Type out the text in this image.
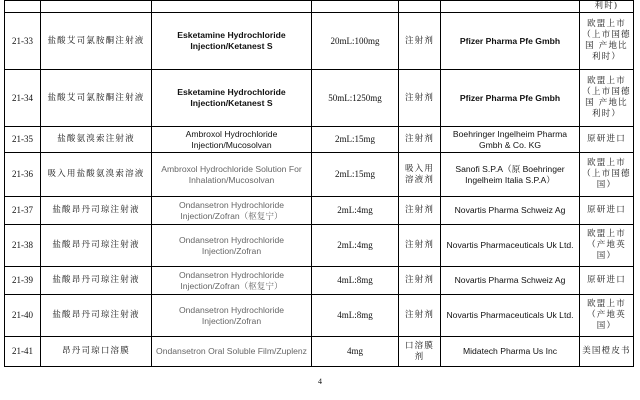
						利时)
21-33	盐酸艾司氯胺酮注射液	Esketamine Hydrochloride Injection/Ketanest S	20mL:100mg	注射剂	Pfizer Pharma Pfe Gmbh	欧盟上市（上市国德国 产地比利时）
21-34	盐酸艾司氯胺酮注射液	Esketamine Hydrochloride Injection/Ketanest S	50mL:1250mg	注射剂	Pfizer Pharma Pfe Gmbh	欧盟上市（上市国德国 产地比利时）
21-35	盐酸氨溴索注射液	Ambroxol Hydrochloride Injection/Mucosolvan	2mL:15mg	注射剂	Boehringer Ingelheim Pharma Gmbh & Co. KG	原研进口
21-36	吸入用盐酸氨溴索溶液	Ambroxol Hydrochloride Solution For Inhalation/Mucosolvan	2mL:15mg	吸入用溶液剂	Sanofi S.P.A（原 Boehringer Ingelheim Italia S.P.A）	欧盟上市（上市国德国）
21-37	盐酸昂丹司琼注射液	Ondansetron Hydrochloride Injection/Zofran（枢复宁）	2mL:4mg	注射剂	Novartis Pharma Schweiz Ag	原研进口
21-38	盐酸昂丹司琼注射液	Ondansetron Hydrochloride Injection/Zofran	2mL:4mg	注射剂	Novartis Pharmaceuticals Uk Ltd.	欧盟上市（产地英国）
21-39	盐酸昂丹司琼注射液	Ondansetron Hydrochloride Injection/Zofran（枢复宁）	4mL:8mg	注射剂	Novartis Pharma Schweiz Ag	原研进口
21-40	盐酸昂丹司琼注射液	Ondansetron Hydrochloride Injection/Zofran	4mL:8mg	注射剂	Novartis Pharmaceuticals Uk Ltd.	欧盟上市（产地英国）
21-41	昂丹司琼口溶膜	Ondansetron Oral Soluble Film/Zuplenz	4mg	口溶膜剂	Midatech Pharma Us Inc	美国橙皮书
4
